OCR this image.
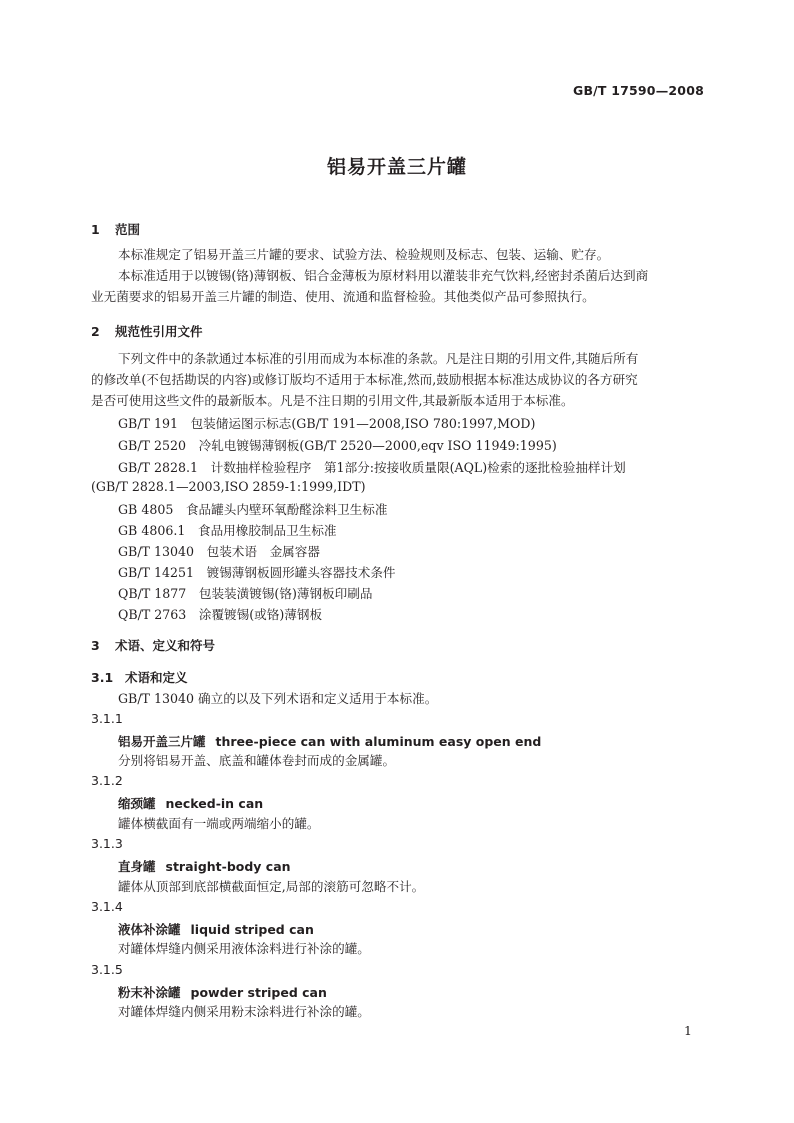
GB/T 17590—2008
铝易开盖三片罐
1 范围
本标准规定了铝易开盖三片罐的要求、试验方法、检验规则及标志、包装、运输、贮存。
本标准适用于以镀锡(铬)薄钢板、铝合金薄板为原材料用以灌装非充气饮料,经密封杀菌后达到商
业无菌要求的铝易开盖三片罐的制造、使用、流通和监督检验。其他类似产品可参照执行。
2 规范性引用文件
下列文件中的条款通过本标准的引用而成为本标准的条款。凡是注日期的引用文件,其随后所有
的修改单(不包括勘误的内容)或修订版均不适用于本标准,然而,鼓励根据本标准达成协议的各方研究
是否可使用这些文件的最新版本。凡是不注日期的引用文件,其最新版本适用于本标准。
GB/T 191　包装储运图示标志(GB/T 191—2008,ISO 780:1997,MOD)
GB/T 2520　冷轧电镀锡薄钢板(GB/T 2520—2000,eqv ISO 11949:1995)
GB/T 2828.1　计数抽样检验程序　第1部分:按接收质量限(AQL)检索的逐批检验抽样计划
(GB/T 2828.1—2003,ISO 2859-1:1999,IDT)
GB 4805　食品罐头内壁环氧酚醛涂料卫生标准
GB 4806.1　食品用橡胶制品卫生标准
GB/T 13040　包装术语　金属容器
GB/T 14251　镀锡薄钢板圆形罐头容器技术条件
QB/T 1877　包装装潢镀锡(铬)薄钢板印刷品
QB/T 2763　涂覆镀锡(或铬)薄钢板
3 术语、定义和符号
3.1 术语和定义
GB/T 13040 确立的以及下列术语和定义适用于本标准。
3.1.1
铝易开盖三片罐 three-piece can with aluminum easy open end
分别将铝易开盖、底盖和罐体卷封而成的金属罐。
3.1.2
缩颈罐 necked-in can
罐体横截面有一端或两端缩小的罐。
3.1.3
直身罐 straight-body can
罐体从顶部到底部横截面恒定,局部的滚筋可忽略不计。
3.1.4
液体补涂罐 liquid striped can
对罐体焊缝内侧采用液体涂料进行补涂的罐。
3.1.5
粉末补涂罐 powder striped can
对罐体焊缝内侧采用粉末涂料进行补涂的罐。
1
